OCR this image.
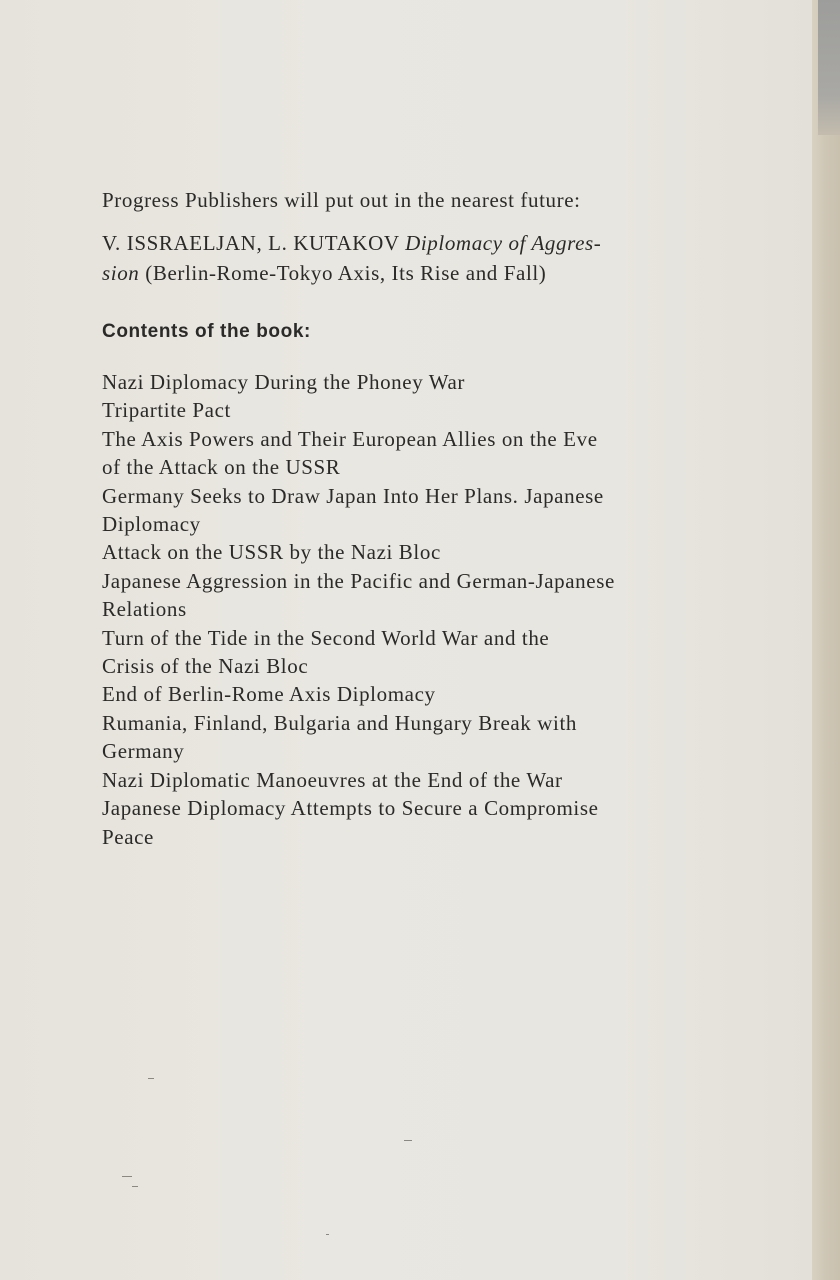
Progress Publishers will put out in the nearest future:

V. ISSRAELJAN, L. KUTAKOV Diplomacy of Aggres-
sion (Berlin-Rome-Tokyo Axis, Its Rise and Fall)
Contents of the book:
Nazi Diplomacy During the Phoney War
Tripartite Pact
The Axis Powers and Their European Allies on the Eve
of the Attack on the USSR
Germany Seeks to Draw Japan Into Her Plans. Japanese
Diplomacy
Attack on the USSR by the Nazi Bloc
Japanese Aggression in the Pacific and German-Japanese
Relations
Turn of the Tide in the Second World War and the
Crisis of the Nazi Bloc
End of Berlin-Rome Axis Diplomacy
Rumania, Finland, Bulgaria and Hungary Break with
Germany
Nazi Diplomatic Manoeuvres at the End of the War
Japanese Diplomacy Attempts to Secure a Compromise
Peace
